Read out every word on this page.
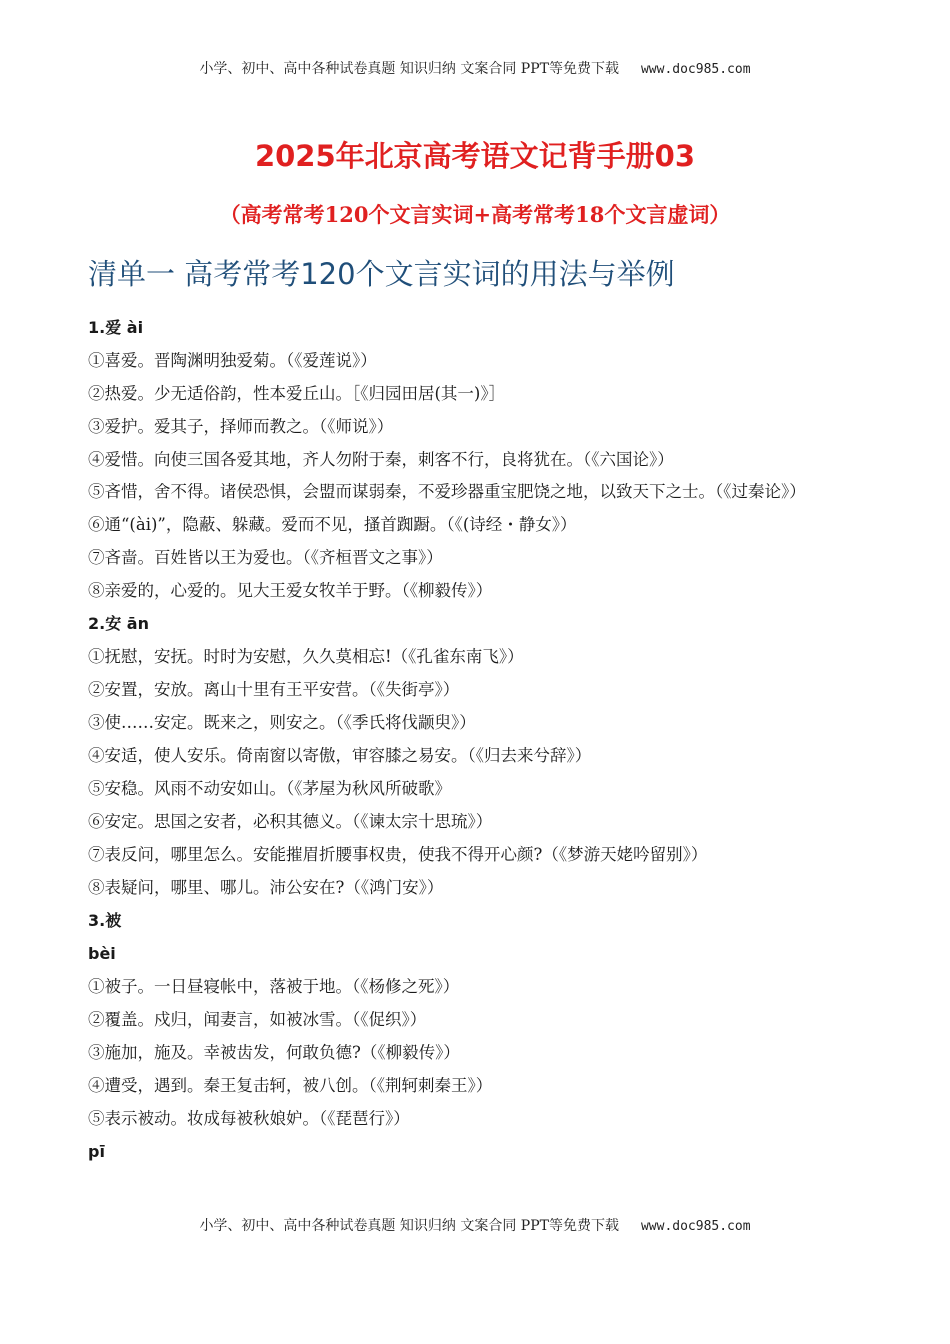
小学、初中、高中各种试卷真题 知识归纳 文案合同 PPT等免费下载 www.doc985.com
2025年北京高考语文记背手册03
（高考常考120个文言实词+高考常考18个文言虚词）
清单一 高考常考120个文言实词的用法与举例
1.爱 ài
①喜爱。晋陶渊明独爱菊。（《爱莲说》）
②热爱。少无适俗韵，性本爱丘山。［《归园田居(其一)》］
③爱护。爱其子，择师而教之。（《师说》）
④爱惜。向使三国各爱其地，齐人勿附于秦，刺客不行，良将犹在。（《六国论》）
⑤吝惜，舍不得。诸侯恐惧，会盟而谋弱秦，不爱珍器重宝肥饶之地，以致天下之士。（《过秦论》）
⑥通“(ài)”，隐蔽、躲藏。爱而不见，搔首踟蹰。（《(诗经・静女》）
⑦吝啬。百姓皆以王为爱也。（《齐桓晋文之事》）
⑧亲爱的，心爱的。见大王爱女牧羊于野。（《柳毅传》）
2.安 ān
①抚慰，安抚。时时为安慰，久久莫相忘!（《孔雀东南飞》）
②安置，安放。离山十里有王平安营。（《失街亭》）
③使……安定。既来之，则安之。（《季氏将伐颛臾》）
④安适，使人安乐。倚南窗以寄傲，审容膝之易安。（《归去来兮辞》）
⑤安稳。风雨不动安如山。（《茅屋为秋风所破歌》
⑥安定。思国之安者，必积其德义。（《谏太宗十思琉》）
⑦表反问，哪里怎么。安能摧眉折腰事权贵，使我不得开心颜?（《梦游天姥吟留别》）
⑧表疑问，哪里、哪儿。沛公安在?（《鸿门安》）
3.被
bèi
①被子。一日昼寝帐中，落被于地。（《杨修之死》）
②覆盖。戍归，闻妻言，如被冰雪。（《促织》）
③施加，施及。幸被齿发，何敢负德?（《柳毅传》）
④遭受，遇到。秦王复击轲，被八创。（《荆轲刺秦王》）
⑤表示被动。妆成每被秋娘妒。（《琵琶行》）
pī
小学、初中、高中各种试卷真题 知识归纳 文案合同 PPT等免费下载 www.doc985.com
